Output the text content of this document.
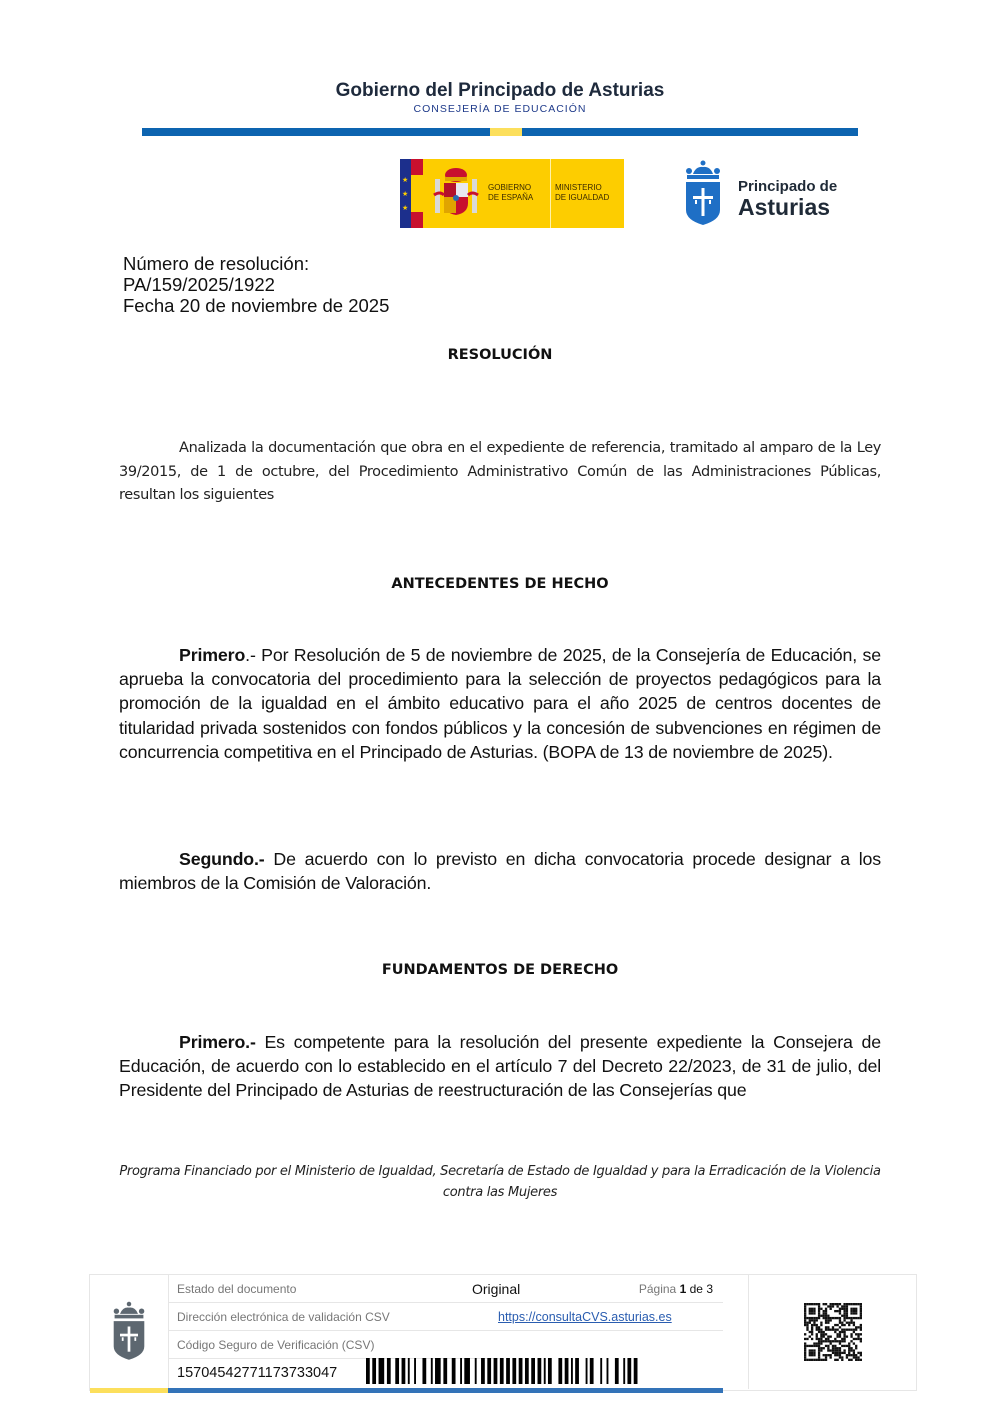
Gobierno del Principado de Asturias
CONSEJERÍA DE EDUCACIÓN
★
★
★
GOBIERNO
DE ESPAÑA
MINISTERIO
DE IGUALDAD
Principado de
Asturias
Número de resolución:
PA/159/2025/1922
Fecha 20 de noviembre de 2025
RESOLUCIÓN
Analizada la documentación que obra en el expediente de referencia, tramitado al amparo de la Ley 39/2015, de 1 de octubre, del Procedimiento Administrativo Común de las Administraciones Públicas, resultan los siguientes
ANTECEDENTES DE HECHO
Primero.- Por Resolución de 5 de noviembre de 2025, de la Consejería de Educación, se aprueba la convocatoria del procedimiento para la selección de proyectos pedagógicos para la promoción de la igualdad en el ámbito educativo para el año 2025 de centros docentes de titularidad privada sostenidos con fondos públicos y la concesión de subvenciones en régimen de concurrencia competitiva en el Principado de Asturias. (BOPA de 13 de noviembre de 2025).
Segundo.- De acuerdo con lo previsto en dicha convocatoria procede designar a los miembros de la Comisión de Valoración.
FUNDAMENTOS DE DERECHO
Primero.- Es competente para la resolución del presente expediente la Consejera de Educación, de acuerdo con lo establecido en el artículo 7 del Decreto 22/2023, de 31 de julio, del Presidente del Principado de Asturias de reestructuración de las Consejerías que
Programa Financiado por el Ministerio de Igualdad, Secretaría de Estado de Igualdad y para la Erradicación de la Violencia contra las Mujeres
Estado del documento	Original	Página 1 de 3
Dirección electrónica de validación CSV	https://consultaCVS.asturias.es
Código Seguro de Verificación (CSV)
15704542771173733047
